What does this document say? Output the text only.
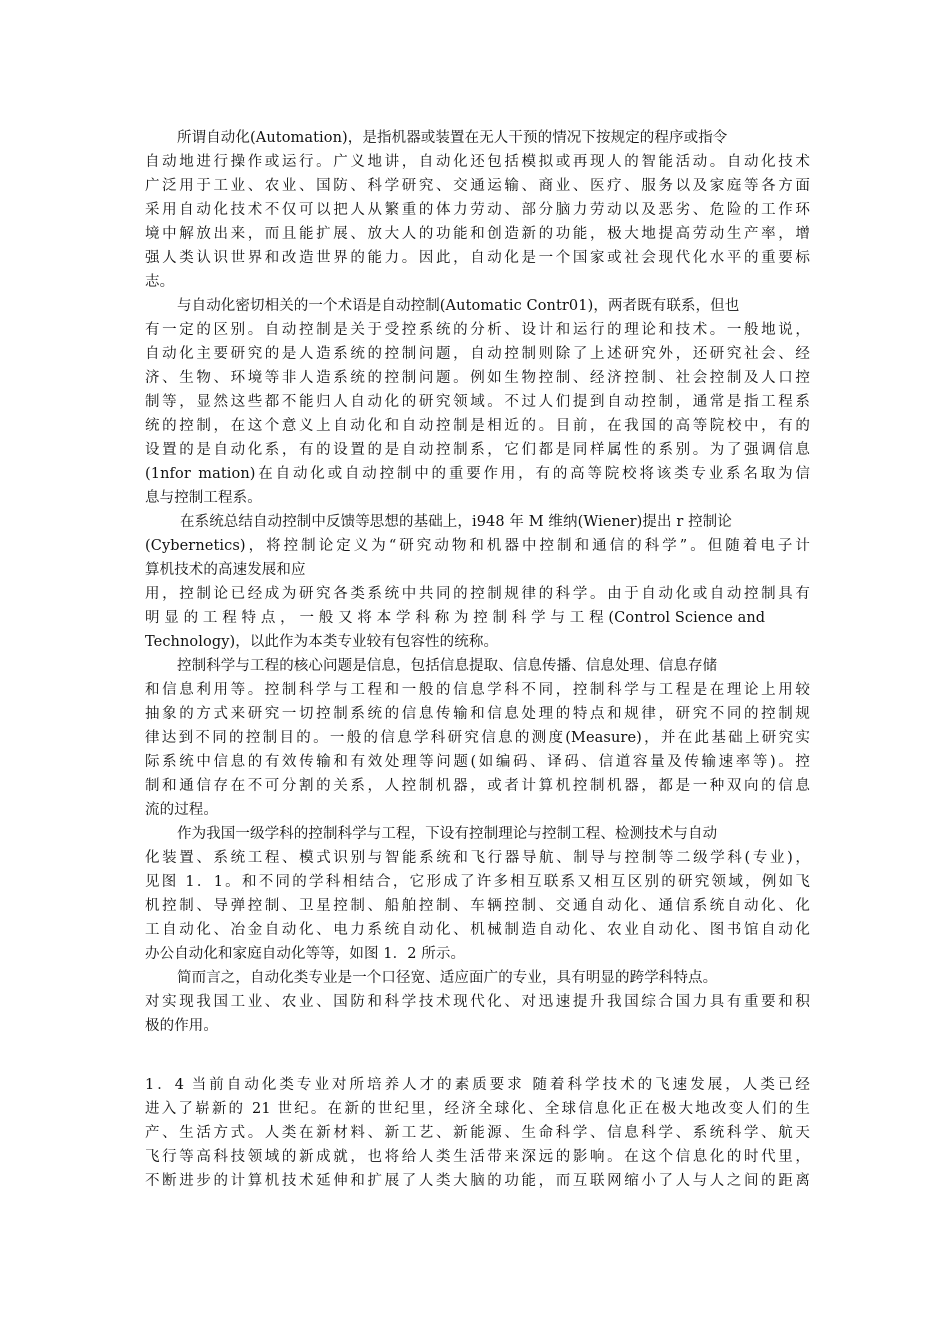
所谓自动化(Automation)，是指机器或装置在无人干预的情况下按规定的程序或指令
自动地进行操作或运行。广义地讲，自动化还包括模拟或再现人的智能活动。自动化技术
广泛用于工业、农业、国防、科学研究、交通运输、商业、医疗、服务以及家庭等各方面
采用自动化技术不仅可以把人从繁重的体力劳动、部分脑力劳动以及恶劣、危险的工作环
境中解放出来，而且能扩展、放大人的功能和创造新的功能，极大地提高劳动生产率，增
强人类认识世界和改造世界的能力。因此，自动化是一个国家或社会现代化水平的重要标
志。
与自动化密切相关的一个术语是自动控制(Automatic Contr01)，两者既有联系，但也
有一定的区别。自动控制是关于受控系统的分析、设计和运行的理论和技术。一般地说，
自动化主要研究的是人造系统的控制问题，自动控制则除了上述研究外，还研究社会、经
济、生物、环境等非人造系统的控制问题。例如生物控制、经济控制、社会控制及人口控
制等，显然这些都不能归人自动化的研究领域。不过人们提到自动控制，通常是指工程系
统的控制，在这个意义上自动化和自动控制是相近的。目前，在我国的高等院校中，有的
设置的是自动化系，有的设置的是自动控制系，它们都是同样属性的系别。为了强调信息
(1nfor mation)在自动化或自动控制中的重要作用，有的高等院校将该类专业系名取为信
息与控制工程系。
在系统总结自动控制中反馈等思想的基础上，i948 年 M 维纳(Wiener)提出 r 控制论
(Cybernetics)，将控制论定义为“研究动物和机器中控制和通信的科学”。但随着电子计
算机技术的高速发展和应
用，控制论已经成为研究各类系统中共同的控制规律的科学。由于自动化或自动控制具有
明 显 的 工 程 特 点 ， 一 般 又 将 本 学 科 称 为 控 制 科 学 与 工 程 (Control Science and
Technology)，以此作为本类专业较有包容性的统称。
控制科学与工程的核心问题是信息，包括信息提取、信息传播、信息处理、信息存储
和信息利用等。控制科学与工程和一般的信息学科不同，控制科学与工程是在理论上用较
抽象的方式来研究一切控制系统的信息传输和信息处理的特点和规律，研究不同的控制规
律达到不同的控制目的。一般的信息学科研究信息的测度(Measure)，并在此基础上研究实
际系统中信息的有效传输和有效处理等问题(如编码、译码、信道容量及传输速率等)。控
制和通信存在不可分割的关系，人控制机器，或者计算机控制机器，都是一种双向的信息
流的过程。
作为我国一级学科的控制科学与工程，下设有控制理论与控制工程、检测技术与自动
化装置、系统工程、模式识别与智能系统和飞行器导航、制导与控制等二级学科(专业)，
见图 1．1。和不同的学科相结合，它形成了许多相互联系又相互区别的研究领域，例如飞
机控制、导弹控制、卫星控制、船舶控制、车辆控制、交通自动化、通信系统自动化、化
工自动化、冶金自动化、电力系统自动化、机械制造自动化、农业自动化、图书馆自动化
办公自动化和家庭自动化等等，如图 1．2 所示。
简而言之，自动化类专业是一个口径宽、适应面广的专业，具有明显的跨学科特点。
对实现我国工业、农业、国防和科学技术现代化、对迅速提升我国综合国力具有重要和积
极的作用。
1．4 当前自动化类专业对所培养人才的素质要求 随着科学技术的飞速发展，人类已经
进入了崭新的 21 世纪。在新的世纪里，经济全球化、全球信息化正在极大地改变人们的生
产、生活方式。人类在新材料、新工艺、新能源、生命科学、信息科学、系统科学、航天
飞行等高科技领域的新成就，也将给人类生活带来深远的影响。在这个信息化的时代里，
不断进步的计算机技术延伸和扩展了人类大脑的功能，而互联网缩小了人与人之间的距离
